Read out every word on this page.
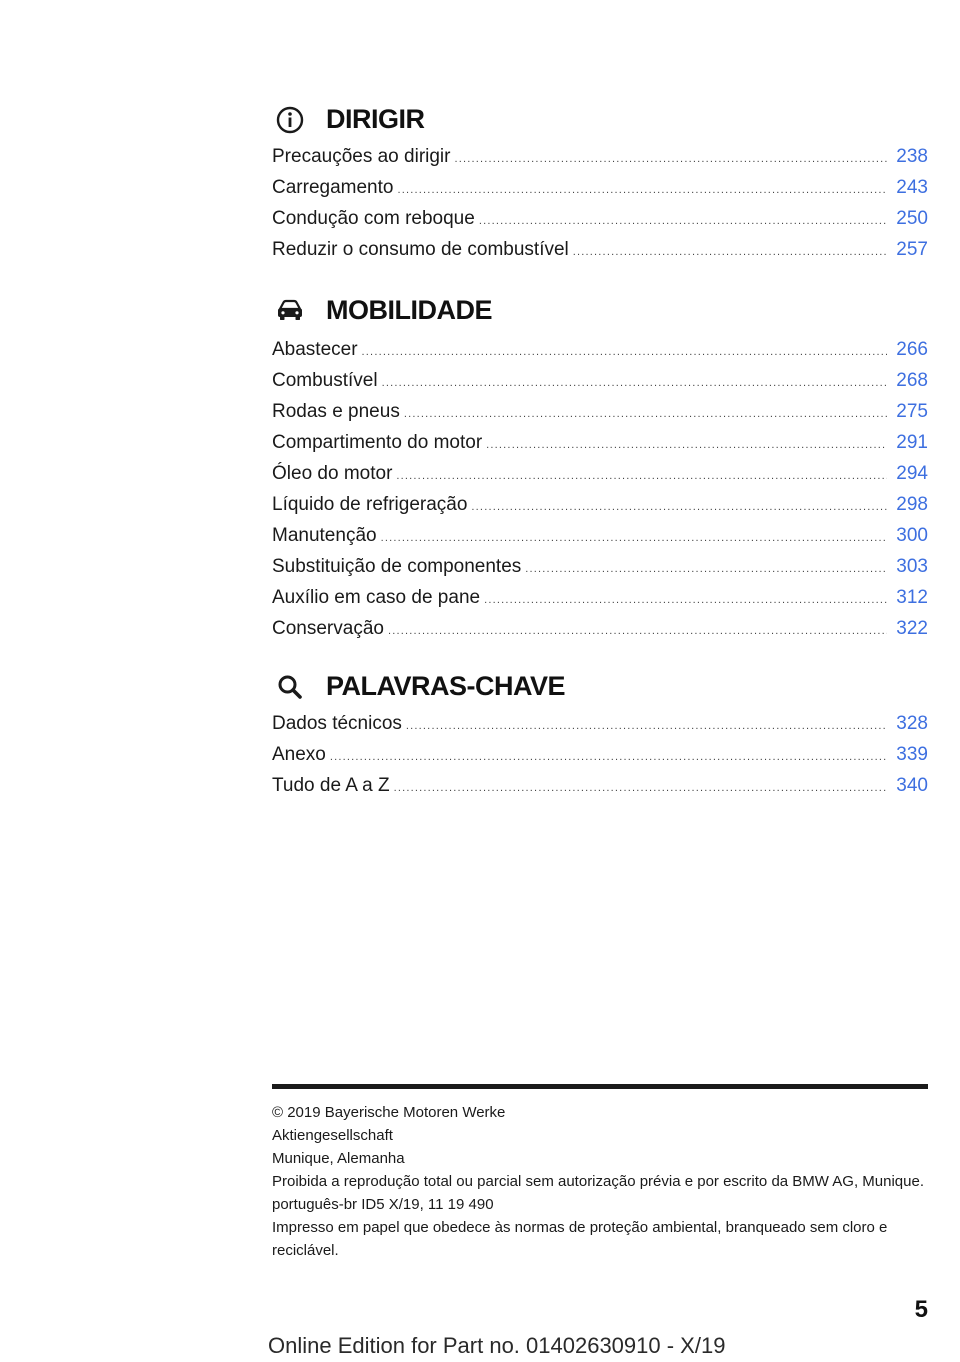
DIRIGIR
Precauções ao dirigir .....	238
Carregamento .....	243
Condução com reboque .....	250
Reduzir o consumo de combustível .....	257
MOBILIDADE
Abastecer .....	266
Combustível .....	268
Rodas e pneus .....	275
Compartimento do motor .....	291
Óleo do motor .....	294
Líquido de refrigeração .....	298
Manutenção .....	300
Substituição de componentes .....	303
Auxílio em caso de pane .....	312
Conservação .....	322
PALAVRAS-CHAVE
Dados técnicos .....	328
Anexo .....	339
Tudo de A a Z .....	340

© 2019 Bayerische Motoren Werke

Aktiengesellschaft

Munique, Alemanha

Proibida a reprodução total ou parcial sem autorização prévia e por escrito da BMW AG, Munique.

português-br ID5 X/19, 11 19 490

Impresso em papel que obedece às normas de proteção ambiental, branqueado sem cloro e reciclável.

5
Online Edition for Part no. 01402630910 - X/19
